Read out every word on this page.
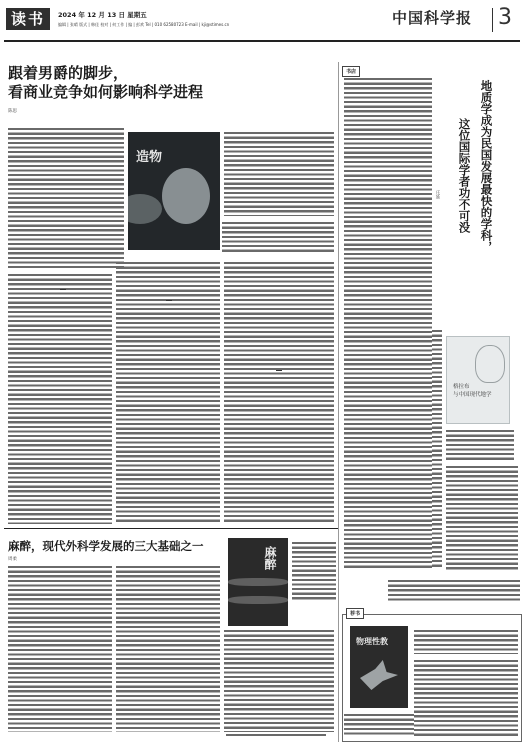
读书	2024 年 12 月 13 日 星期五
编辑 | 张晴 版式 | 韩佳 校对 | 何工作 | 编 | 彭欢 Tel | 010 62580723 E-mail | kji@stimes.cn	中国科学报 3
跟着男爵的脚步，
看商业竞争如何影响科学进程
陈思
造物
麻醉，现代外科学发展的三大基础之一
周柔	麻醉
书店
地质学成为民国发展最快的学科，
这位国际学者功不可没
庄延
格拉布
与中国现代地学
荐书
物理性教
